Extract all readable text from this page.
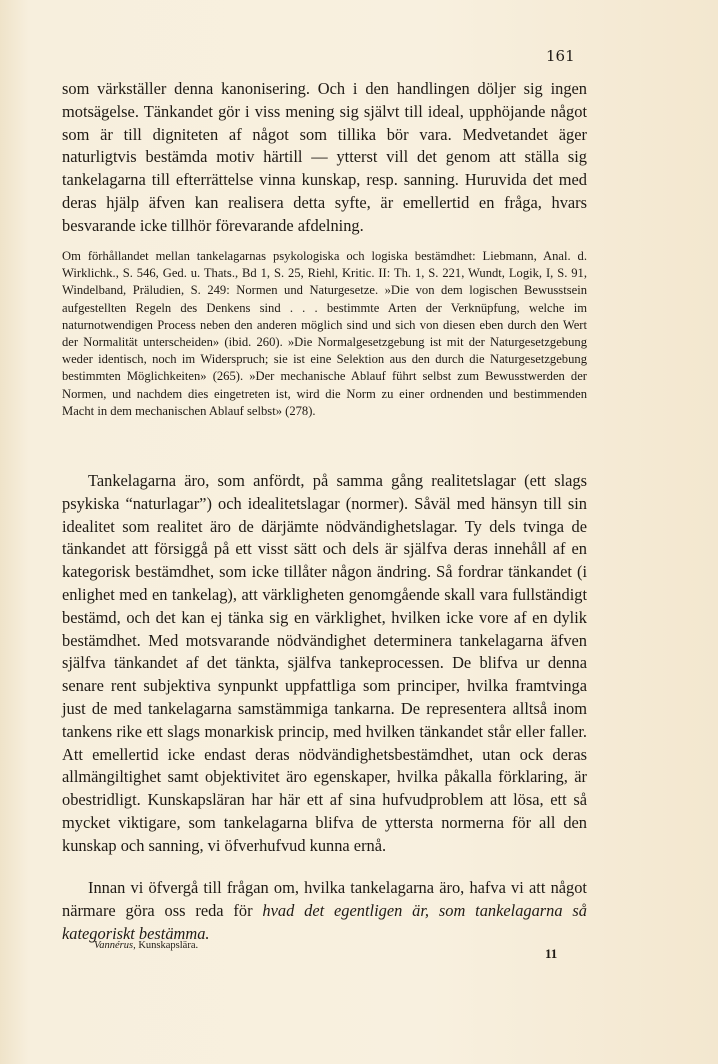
161

som värkställer denna kanonisering. Och i den handlingen döljer sig ingen motsägelse. Tänkandet gör i viss mening sig självt till ideal, upphöjande något som är till digniteten af något som tillika bör vara. Medvetandet äger naturligtvis bestämda motiv härtill — ytterst vill det genom att ställa sig tankelagarna till efterrättelse vinna kunskap, resp. sanning. Huruvida det med deras hjälp äfven kan realisera detta syfte, är emellertid en fråga, hvars besvarande icke tillhör förevarande afdelning.

Om förhållandet mellan tankelagarnas psykologiska och logiska bestämdhet: Liebmann, Anal. d. Wirklichk., S. 546, Ged. u. Thats., Bd 1, S. 25, Riehl, Kritic. II: Th. 1, S. 221, Wundt, Logik, I, S. 91, Windelband, Präludien, S. 249: Normen und Naturgesetze. »Die von dem logischen Bewusstsein aufgestellten Regeln des Denkens sind . . . bestimmte Arten der Verknüpfung, welche im naturnotwendigen Process neben den anderen möglich sind und sich von diesen eben durch den Wert der Normalität unterscheiden» (ibid. 260). »Die Normalgesetzgebung ist mit der Naturgesetzgebung weder identisch, noch im Widerspruch; sie ist eine Selektion aus den durch die Naturgesetzgebung bestimmten Möglichkeiten» (265). »Der mechanische Ablauf führt selbst zum Bewusstwerden der Normen, und nachdem dies eingetreten ist, wird die Norm zu einer ordnenden und bestimmenden Macht in dem mechanischen Ablauf selbst» (278).

Tankelagarna äro, som anfördt, på samma gång realitetslagar (ett slags psykiska “naturlagar”) och idealitetslagar (normer). Såväl med hänsyn till sin idealitet som realitet äro de därjämte nödvändighetslagar. Ty dels tvinga de tänkandet att försiggå på ett visst sätt och dels är själfva deras innehåll af en kategorisk bestämdhet, som icke tillåter någon ändring. Så fordrar tänkandet (i enlighet med en tankelag), att värkligheten genomgående skall vara fullständigt bestämd, och det kan ej tänka sig en värklighet, hvilken icke vore af en dylik bestämdhet. Med motsvarande nödvändighet determinera tankelagarna äfven själfva tänkandet af det tänkta, själfva tankeprocessen. De blifva ur denna senare rent subjektiva synpunkt uppfattliga som principer, hvilka framtvinga just de med tankelagarna samstämmiga tankarna. De representera alltså inom tankens rike ett slags monarkisk princip, med hvilken tänkandet står eller faller. Att emellertid icke endast deras nödvändighetsbestämdhet, utan ock deras allmängiltighet samt objektivitet äro egenskaper, hvilka påkalla förklaring, är obestridligt. Kunskapsläran har här ett af sina hufvudproblem att lösa, ett så mycket viktigare, som tankelagarna blifva de yttersta normerna för all den kunskap och sanning, vi öfverhufvud kunna ernå.

Innan vi öfvergå till frågan om, hvilka tankelagarna äro, hafva vi att något närmare göra oss reda för hvad det egentligen är, som tankelagarna så kategoriskt bestämma.

Vannérus, Kunskapslära.
11
